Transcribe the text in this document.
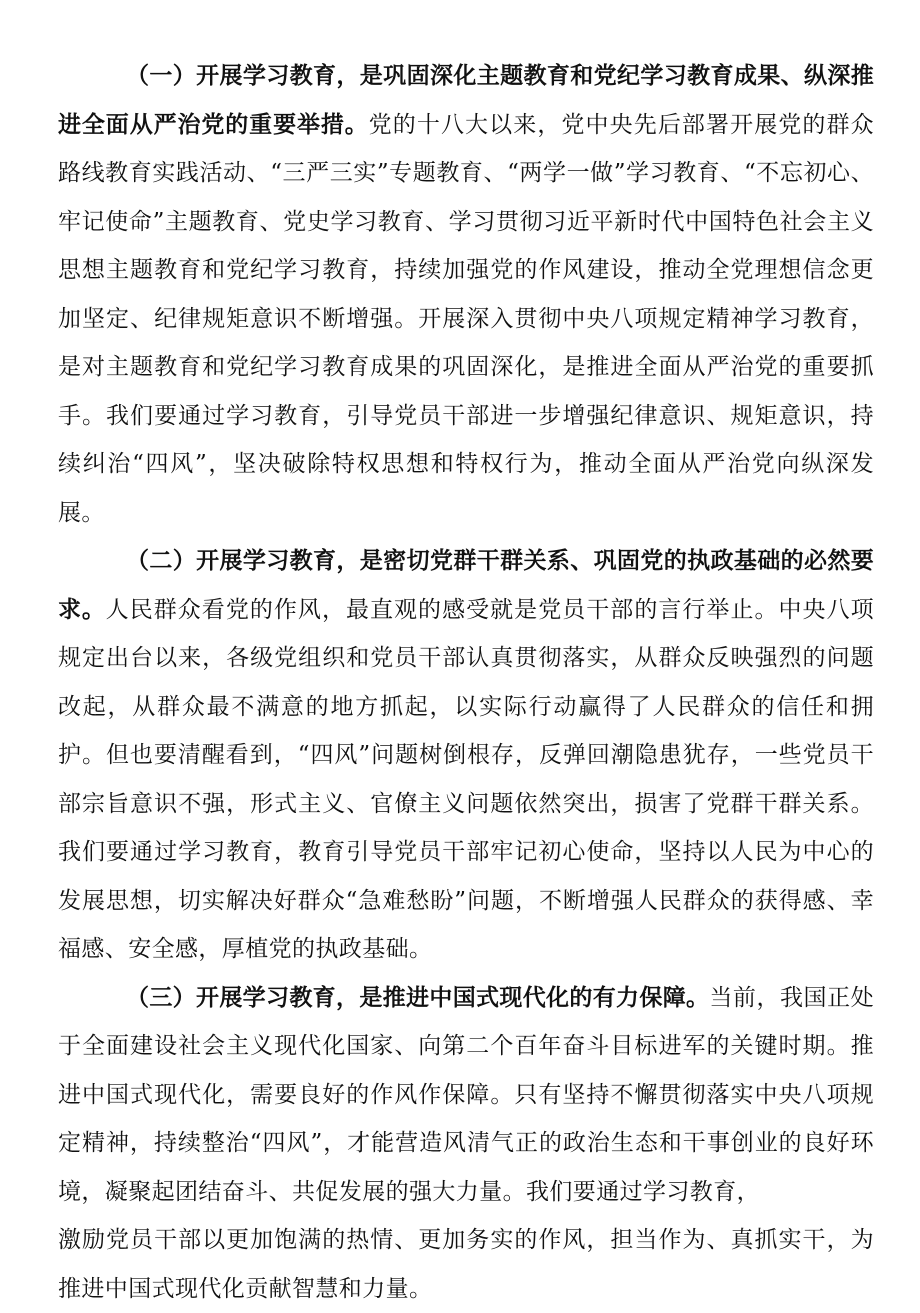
（一）开展学习教育，是巩固深化主题教育和党纪学习教育成果、纵深推进全面从严治党的重要举措。党的十八大以来，党中央先后部署开展党的群众路线教育实践活动、“三严三实”专题教育、“两学一做”学习教育、“不忘初心、牢记使命”主题教育、党史学习教育、学习贯彻习近平新时代中国特色社会主义思想主题教育和党纪学习教育，持续加强党的作风建设，推动全党理想信念更加坚定、纪律规矩意识不断增强。开展深入贯彻中央八项规定精神学习教育，是对主题教育和党纪学习教育成果的巩固深化，是推进全面从严治党的重要抓手。我们要通过学习教育，引导党员干部进一步增强纪律意识、规矩意识，持续纠治“四风”，坚决破除特权思想和特权行为，推动全面从严治党向纵深发展。

（二）开展学习教育，是密切党群干群关系、巩固党的执政基础的必然要求。人民群众看党的作风，最直观的感受就是党员干部的言行举止。中央八项规定出台以来，各级党组织和党员干部认真贯彻落实，从群众反映强烈的问题改起，从群众最不满意的地方抓起，以实际行动赢得了人民群众的信任和拥护。但也要清醒看到，“四风”问题树倒根存，反弹回潮隐患犹存，一些党员干部宗旨意识不强，形式主义、官僚主义问题依然突出，损害了党群干群关系。我们要通过学习教育，教育引导党员干部牢记初心使命，坚持以人民为中心的发展思想，切实解决好群众“急难愁盼”问题，不断增强人民群众的获得感、幸福感、安全感，厚植党的执政基础。

（三）开展学习教育，是推进中国式现代化的有力保障。当前，我国正处于全面建设社会主义现代化国家、向第二个百年奋斗目标进军的关键时期。推进中国式现代化，需要良好的作风作保障。只有坚持不懈贯彻落实中央八项规定精神，持续整治“四风”，才能营造风清气正的政治生态和干事创业的良好环境，凝聚起团结奋斗、共促发展的强大力量。我们要通过学习教育，

激励党员干部以更加饱满的热情、更加务实的作风，担当作为、真抓实干，为推进中国式现代化贡献智慧和力量。
